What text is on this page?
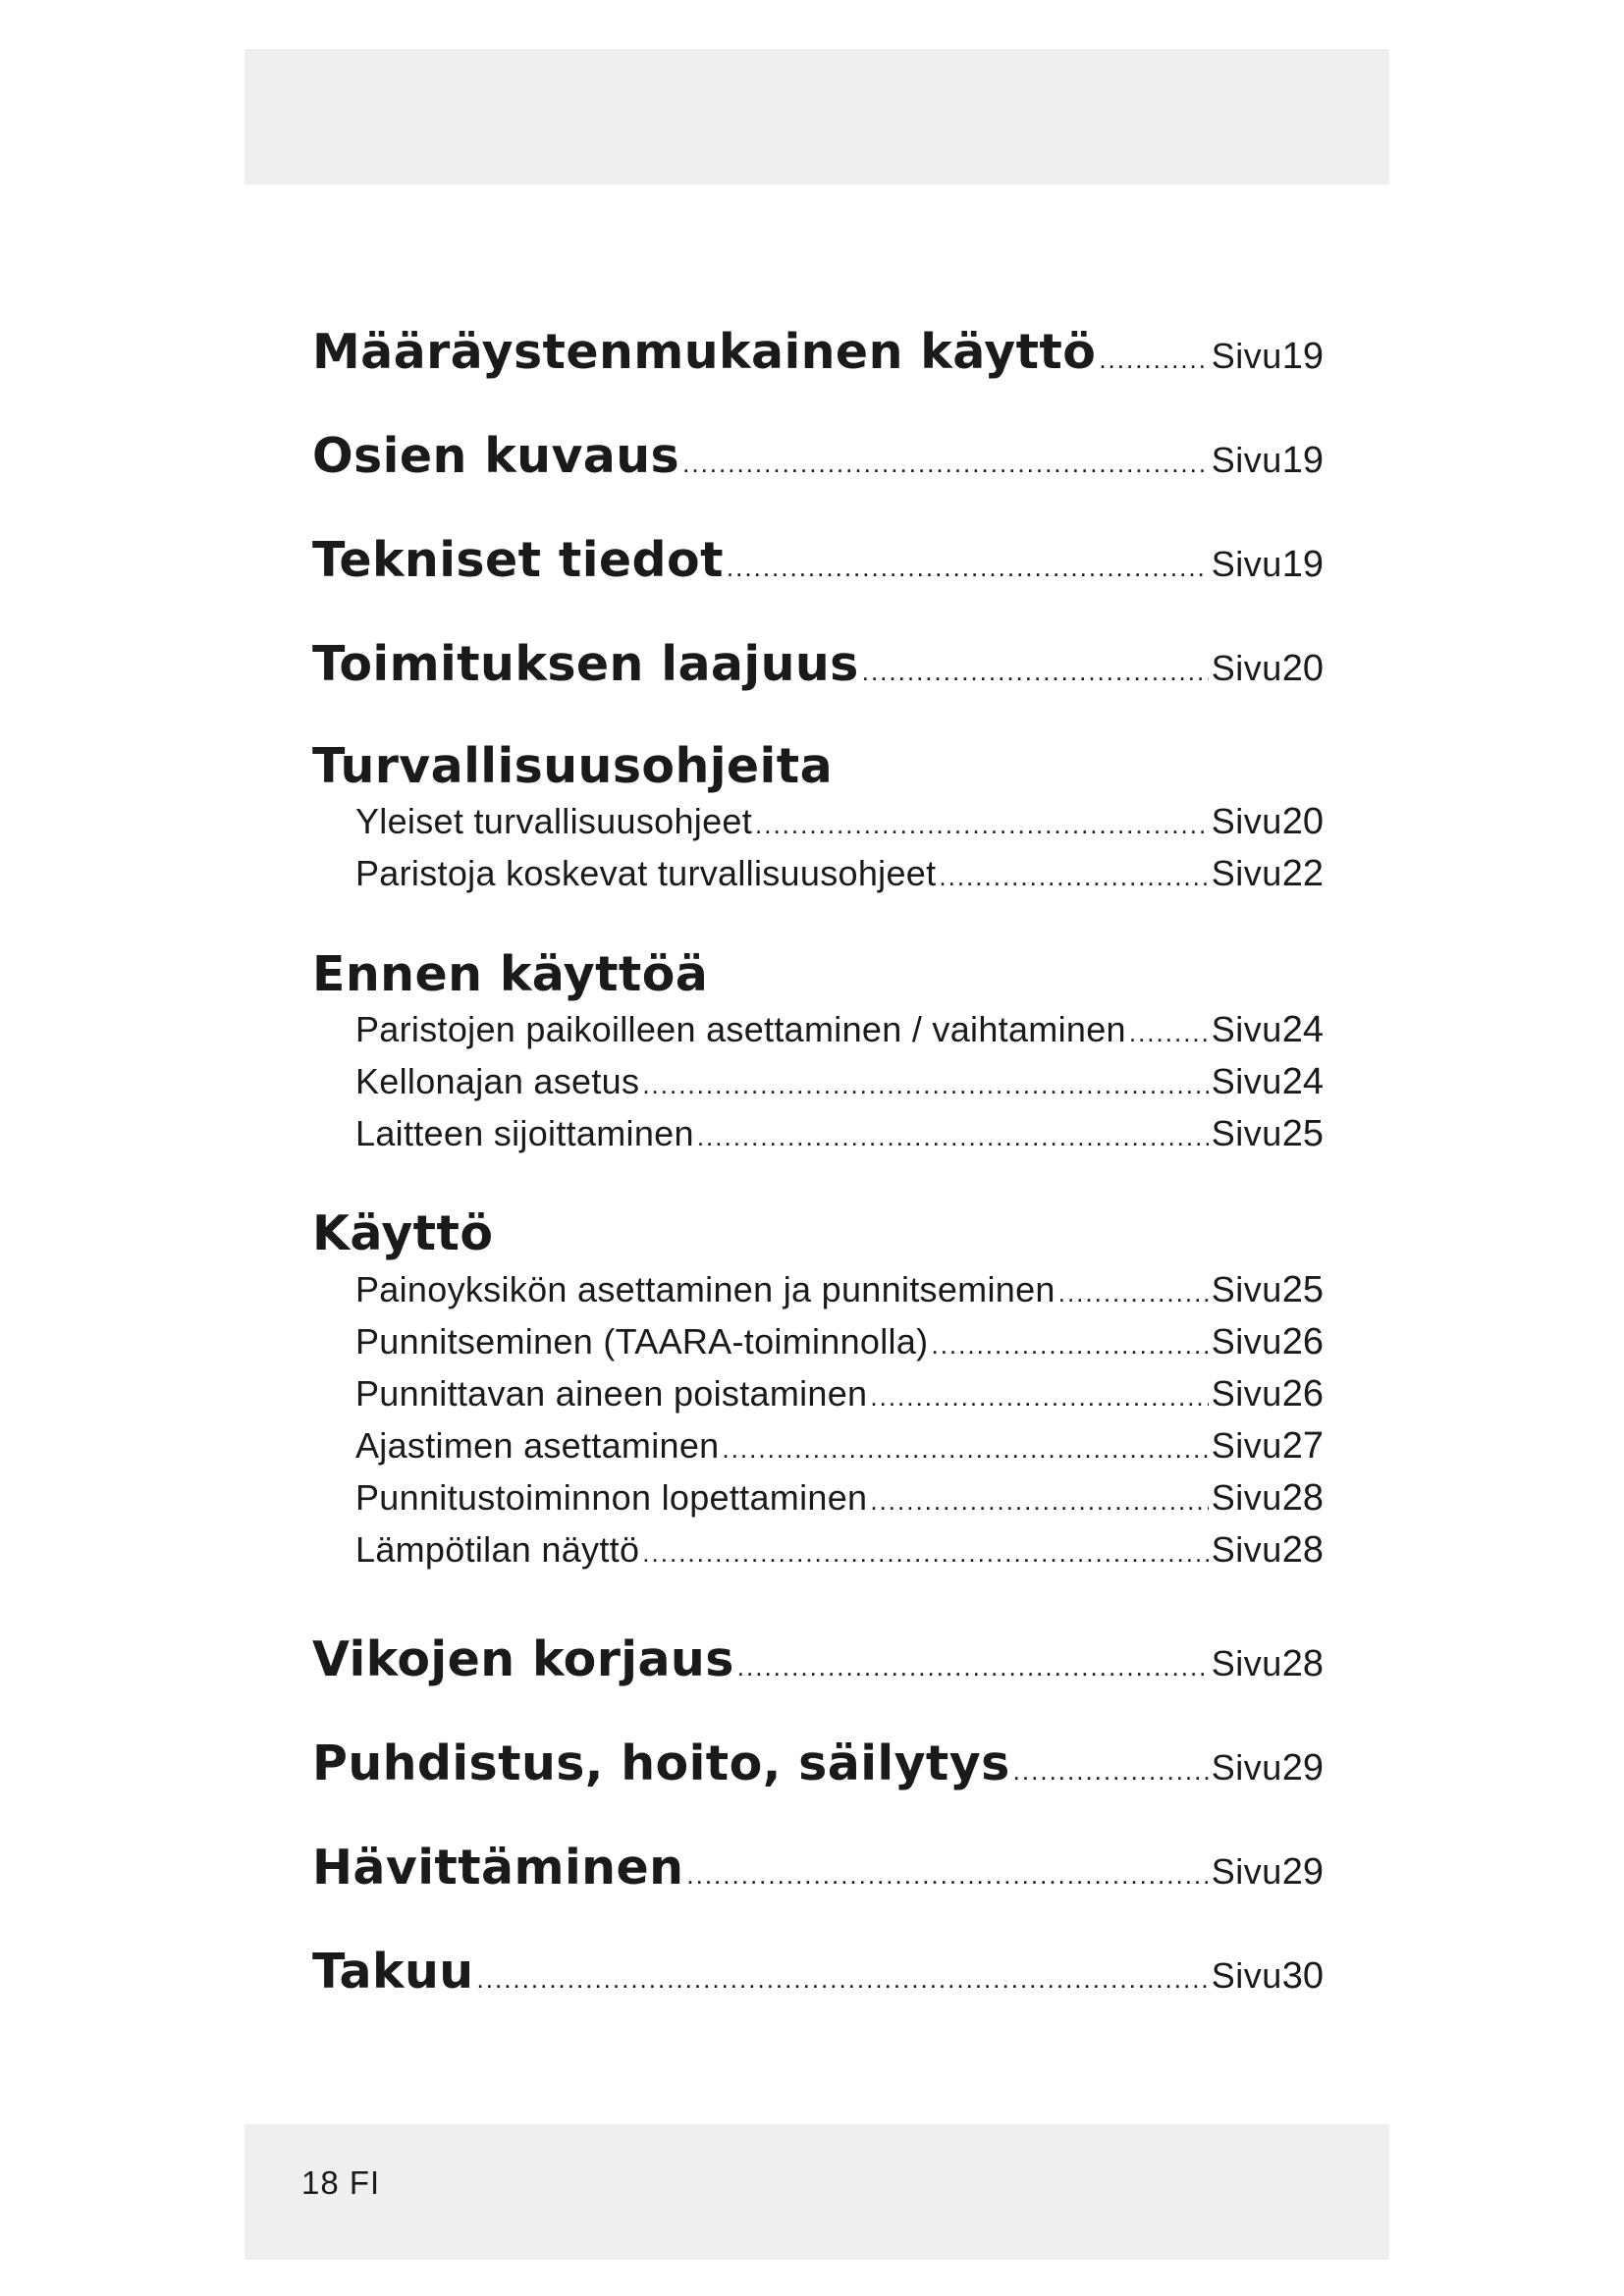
Määräystenmukainen käyttö .....	Sivu 19
Osien kuvaus .....	Sivu 19
Tekniset tiedot .....	Sivu 19
Toimituksen laajuus .....	Sivu 20
Turvallisuusohjeita
Yleiset turvallisuusohjeet .....	Sivu 20
Paristoja koskevat turvallisuusohjeet .....	Sivu 22
Ennen käyttöä
Paristojen paikoilleen asettaminen / vaihtaminen ..... Sivu 24
Kellonajan asetus .....	Sivu 24
Laitteen sijoittaminen .....	Sivu 25
Käyttö
Painoyksikön asettaminen ja punnitseminen .....	Sivu 25
Punnitseminen (TAARA-toiminnolla) .....	Sivu 26
Punnittavan aineen poistaminen .....	Sivu 26
Ajastimen asettaminen .....	Sivu 27
Punnitustoiminnon lopettaminen .....	Sivu 28
Lämpötilan näyttö .....	Sivu 28
Vikojen korjaus .....	Sivu 28
Puhdistus, hoito, säilytys .....	Sivu 29
Hävittäminen .....	Sivu 29
Takuu .....	Sivu 30
18 FI
